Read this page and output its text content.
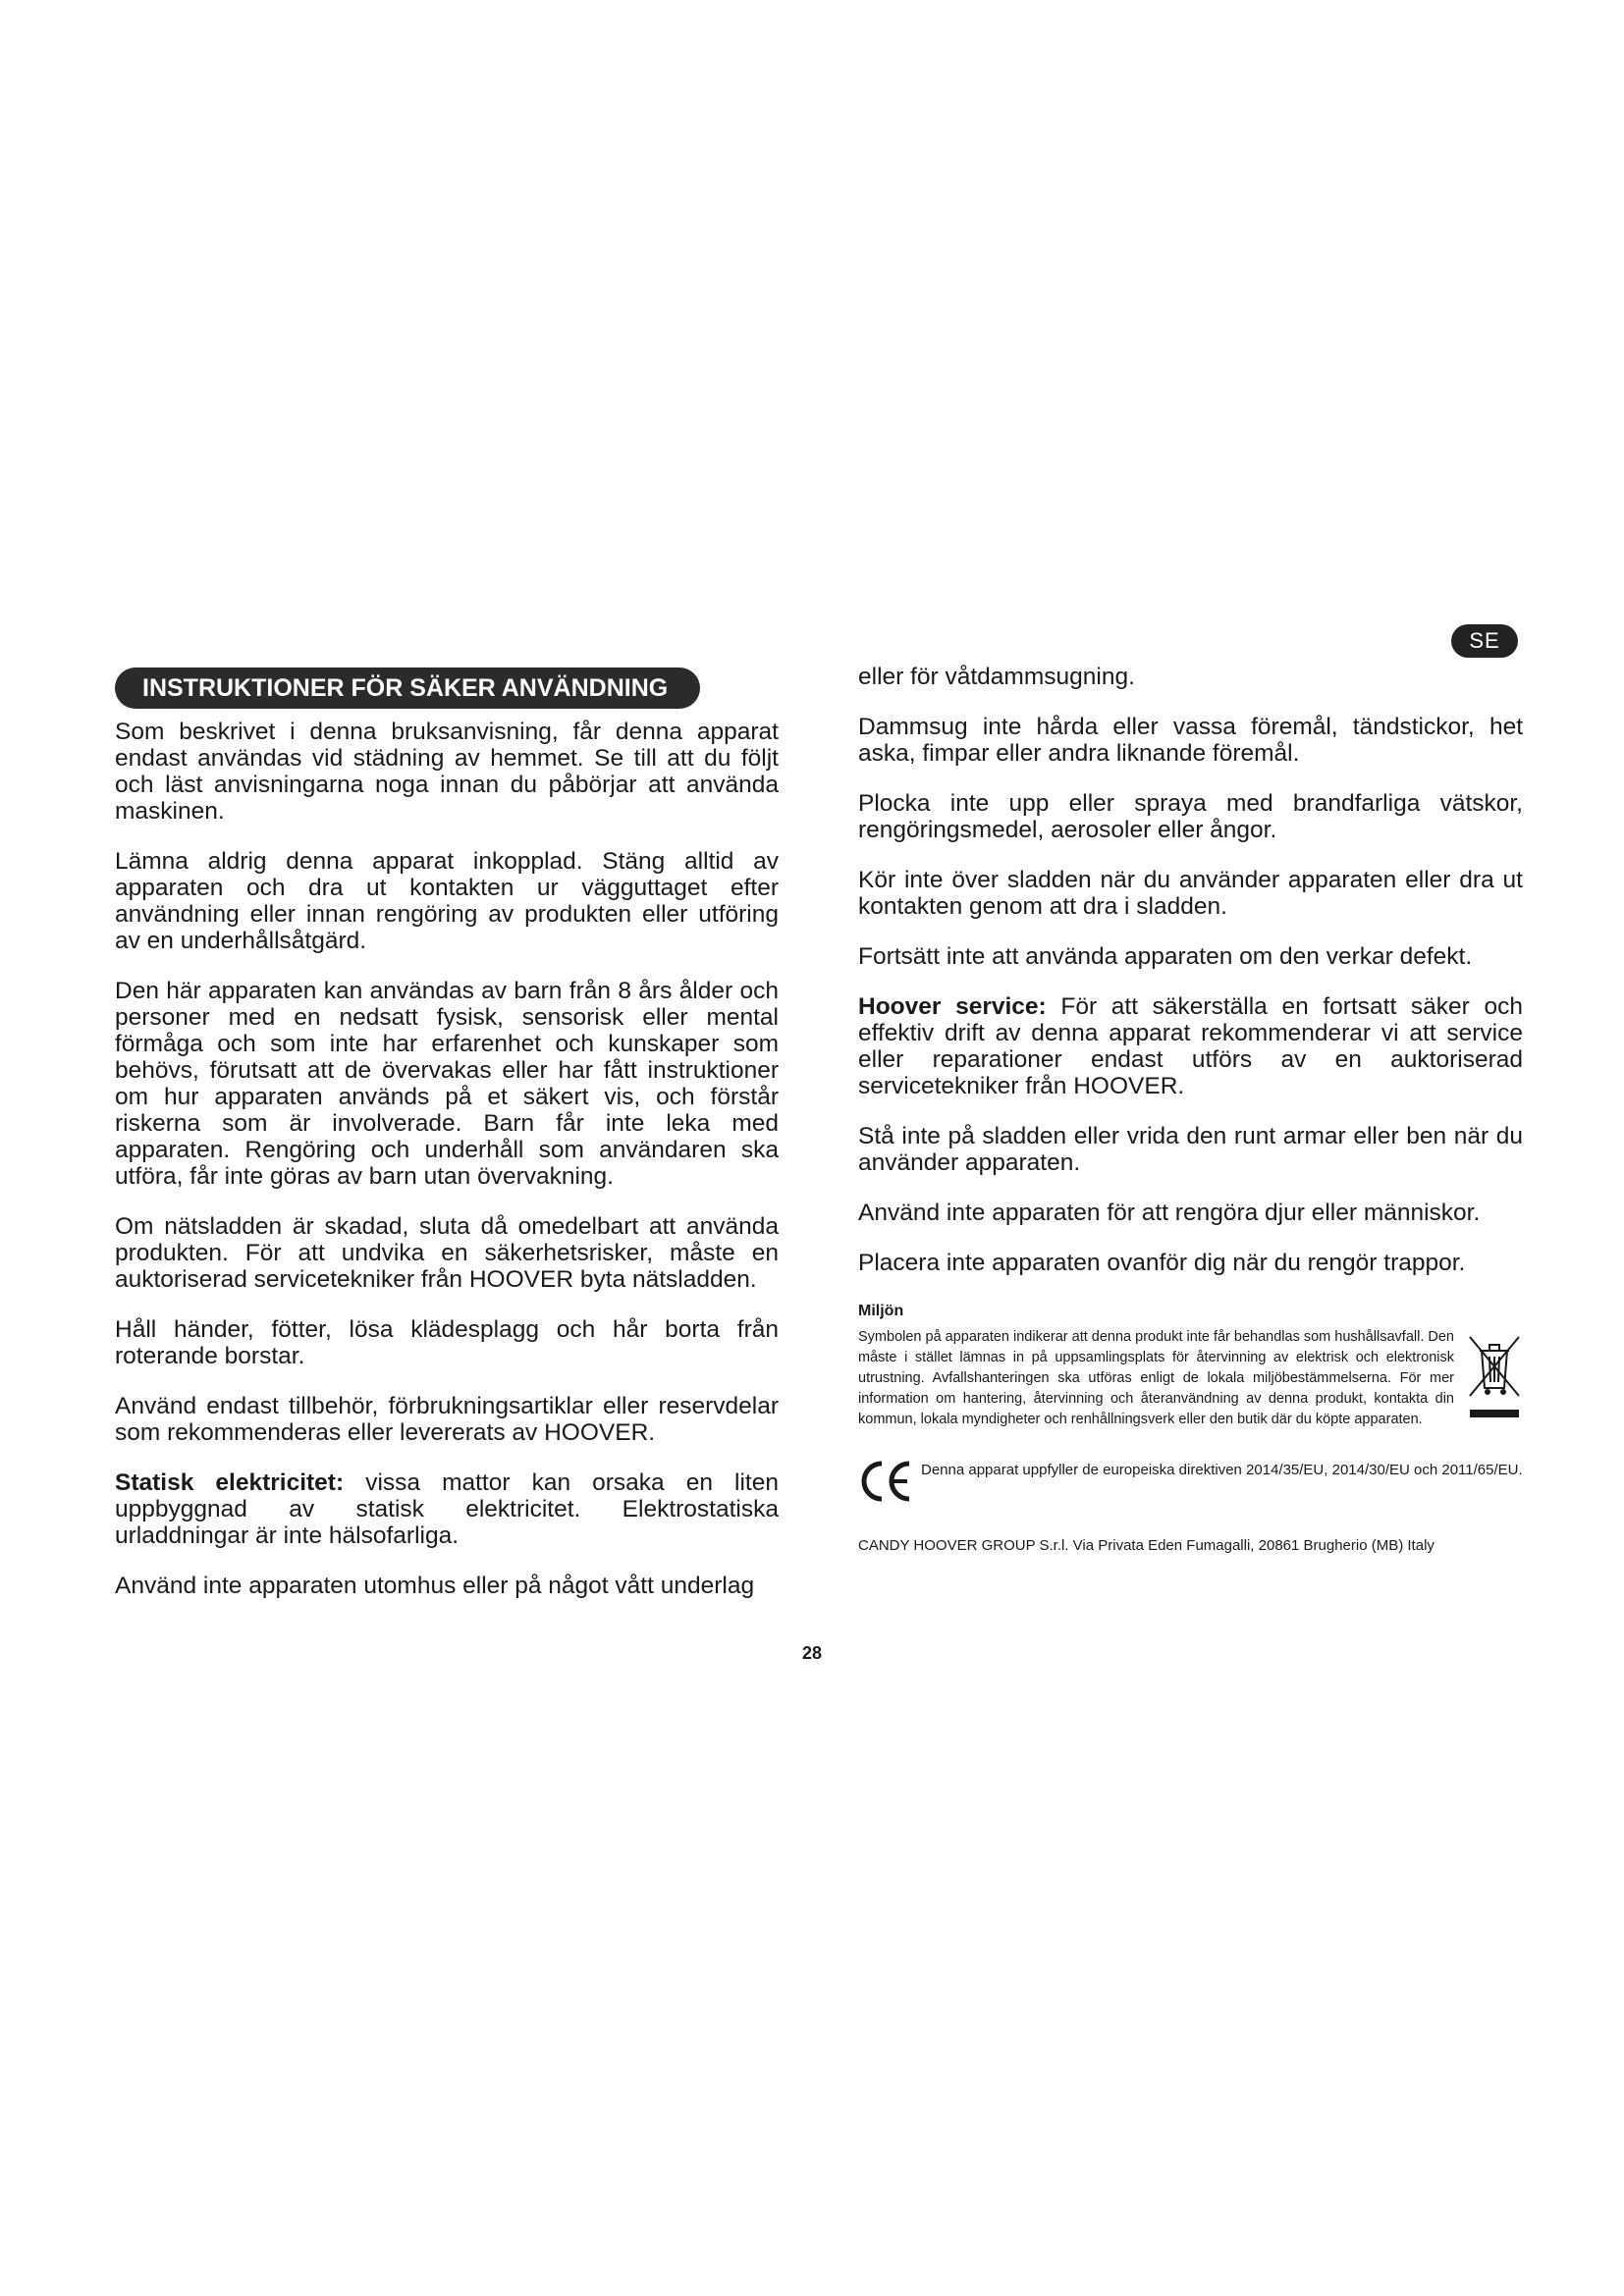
SE
INSTRUKTIONER FÖR SÄKER ANVÄNDNING

Som beskrivet i denna bruksanvisning, får denna apparat endast användas vid städning av hemmet. Se till att du följt och läst anvisningarna noga innan du påbörjar att använda maskinen.

Lämna aldrig denna apparat inkopplad. Stäng alltid av apparaten och dra ut kontakten ur vägguttaget efter användning eller innan rengöring av produkten eller utföring av en underhållsåtgärd.

Den här apparaten kan användas av barn från 8 års ålder och personer med en nedsatt fysisk, sensorisk eller mental förmåga och som inte har erfarenhet och kunskaper som behövs, förutsatt att de övervakas eller har fått instruktioner om hur apparaten används på et säkert vis, och förstår riskerna som är involverade. Barn får inte leka med apparaten. Rengöring och underhåll som användaren ska utföra, får inte göras av barn utan övervakning.

Om nätsladden är skadad, sluta då omedelbart att använda produkten. För att undvika en säkerhetsrisker, måste en auktoriserad servicetekniker från HOOVER byta nätsladden.

Håll händer, fötter, lösa klädesplagg och hår borta från roterande borstar.

Använd endast tillbehör, förbrukningsartiklar eller reservdelar som rekommenderas eller levererats av HOOVER.

Statisk elektricitet: vissa mattor kan orsaka en liten uppbyggnad av statisk elektricitet. Elektrostatiska urladdningar är inte hälsofarliga.

Använd inte apparaten utomhus eller på något vått underlag

eller för våtdammsugning.

Dammsug inte hårda eller vassa föremål, tändstickor, het aska, fimpar eller andra liknande föremål.

Plocka inte upp eller spraya med brandfarliga vätskor, rengöringsmedel, aerosoler eller ångor.

Kör inte över sladden när du använder apparaten eller dra ut kontakten genom att dra i sladden.

Fortsätt inte att använda apparaten om den verkar defekt.

Hoover service: För att säkerställa en fortsatt säker och effektiv drift av denna apparat rekommenderar vi att service eller reparationer endast utförs av en auktoriserad servicetekniker från HOOVER.

Stå inte på sladden eller vrida den runt armar eller ben när du använder apparaten.

Använd inte apparaten för att rengöra djur eller människor.

Placera inte apparaten ovanför dig när du rengör trappor.

Miljön

Symbolen på apparaten indikerar att denna produkt inte får behandlas som hushållsavfall. Den måste i stället lämnas in på uppsamlingsplats för återvinning av elektrisk och elektronisk utrustning. Avfallshanteringen ska utföras enligt de lokala miljöbestämmelserna. För mer information om hantering, återvinning och återanvändning av denna produkt, kontakta din kommun, lokala myndigheter och renhållningsverk eller den butik där du köpte apparaten.

Denna apparat uppfyller de europeiska direktiven 2014/35/EU, 2014/30/EU och 2011/65/EU.
CANDY HOOVER GROUP S.r.l. Via Privata Eden Fumagalli, 20861 Brugherio (MB) Italy
28
